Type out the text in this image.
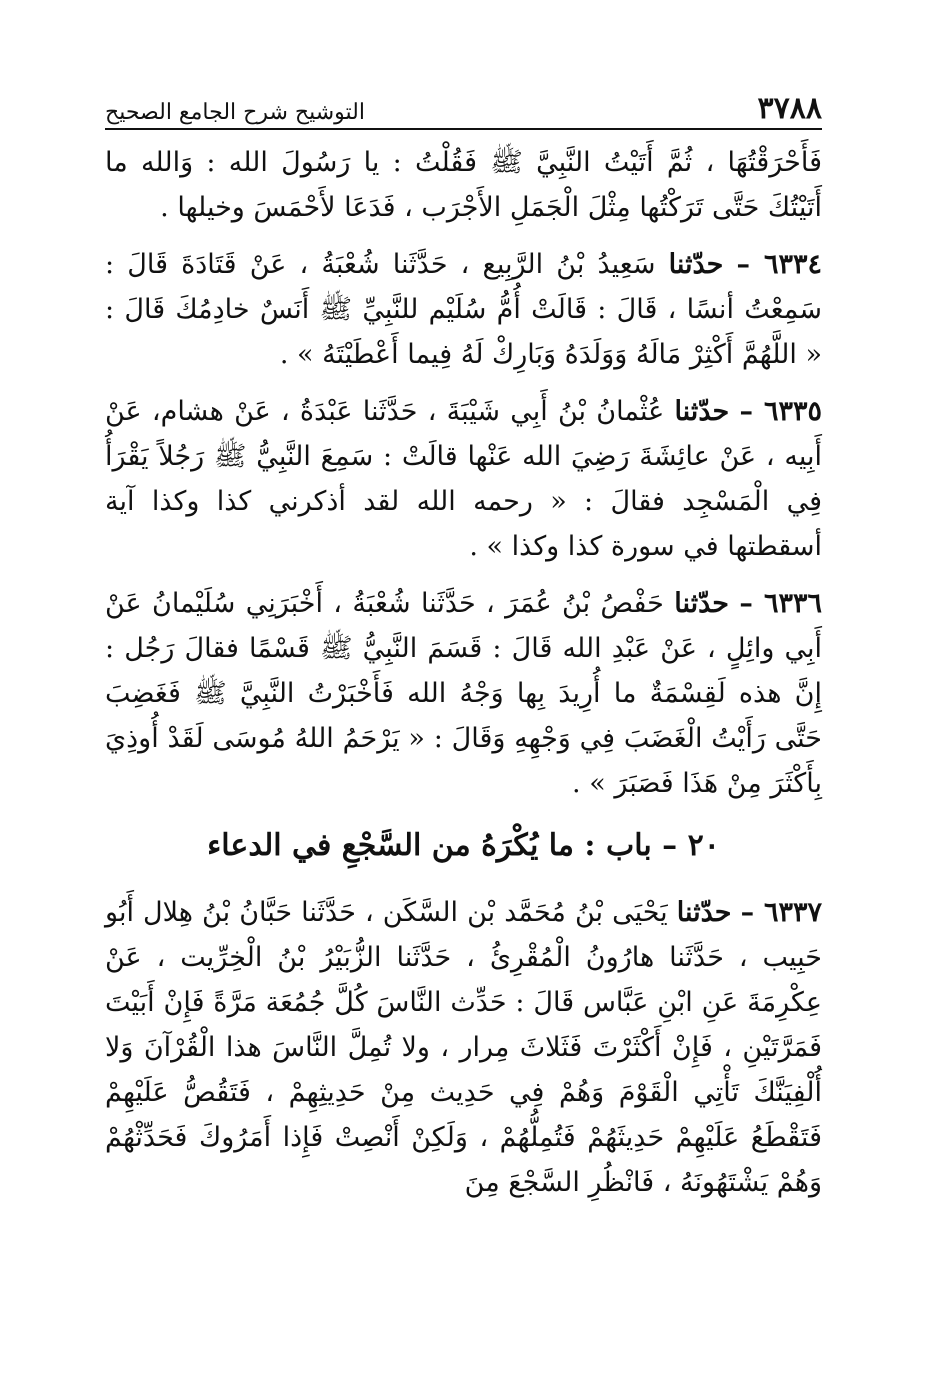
٣٧٨٨
التوشيح شرح الجامع الصحيح

فَأَحْرَقْتُهَا ، ثُمَّ أَتَيْتُ النَّبِيَّ ﷺ فَقُلْتُ : يا رَسُولَ الله : وَالله ما أَتَيْتُكَ حَتَّى تَرَكْتُها مِثْلَ الْجَمَلِ الأَجْرَب ، فَدَعَا لأَحْمَسَ وخيلها .

٦٣٣٤ – حدّثنا سَعِيدُ بْنُ الرَّبِيع ، حَدَّثَنا شُعْبَةُ ، عَنْ قَتَادَةَ قَالَ : سَمِعْتُ أنسًا ، قَالَ : قَالَتْ أُمُّ سُلَيْم للنَّبِيِّ ﷺ أَنَسٌ خادِمُكَ قَالَ : « اللَّهُمَّ أَكْثِرْ مَالَهُ وَوَلَدَهُ وَبَارِكْ لَهُ فِيما أَعْطَيْتَهُ » .

٦٣٣٥ – حدّثنا عُثْمانُ بْنُ أَبِي شَيْبَةَ ، حَدَّثَنا عَبْدَةُ ، عَنْ هشام، عَنْ أَبِيه ، عَنْ عائِشَةَ رَضِيَ الله عَنْها قالَتْ : سَمِعَ النَّبِيُّ ﷺ رَجُلاً يَقْرَأُ فِي الْمَسْجِد فقالَ : « رحمه الله لقد أذكرني كذا وكذا آية أسقطتها في سورة كذا وكذا » .

٦٣٣٦ – حدّثنا حَفْصُ بْنُ عُمَرَ ، حَدَّثَنا شُعْبَةُ ، أَخْبَرَنِي سُلَيْمانُ عَنْ أَبِي وائِلٍ ، عَنْ عَبْدِ الله قَالَ : قَسَمَ النَّبِيُّ ﷺ قَسْمًا فقالَ رَجُل : إِنَّ هذه لَقِسْمَةٌ ما أُرِيدَ بِها وَجْهُ الله فَأَخْبَرْتُ النَّبِيَّ ﷺ فَغَضِبَ حَتَّى رَأَيْتُ الْغَضَبَ فِي وَجْهِهِ وَقَالَ : « يَرْحَمُ اللهُ مُوسَى لَقَدْ أُوذِيَ بِأَكْثَرَ مِنْ هَذَا فَصَبَرَ » .

٢٠ – باب : ما يُكْرَهُ من السَّجْعِ في الدعاء

٦٣٣٧ – حدّثنا يَحْيَى بْنُ مُحَمَّد بْن السَّكَن ، حَدَّثَنا حَبَّانُ بْنُ هِلال أَبُو حَبِيب ، حَدَّثَنا هارُونُ الْمُقْرِئُ ، حَدَّثَنا الزُّبَيْرُ بْنُ الْخِرِّيت ، عَنْ عِكْرِمَةَ عَنِ ابْنِ عَبَّاس قَالَ : حَدِّث النَّاسَ كُلَّ جُمُعَة مَرَّةً فَإِنْ أَبَيْتَ فَمَرَّتَيْنِ ، فَإِنْ أَكْثَرْتَ فَثَلاثَ مِرار ، ولا تُمِلَّ النَّاسَ هذا الْقُرْآنَ وَلا أُلْفِيَنَّكَ تَأْتِي الْقَوْمَ وَهُمْ فِي حَدِيث مِنْ حَدِيثِهِمْ ، فَتَقُصُّ عَلَيْهِمْ فَتَقْطَعُ عَلَيْهِمْ حَدِيثَهُمْ فَتُمِلُّهُمْ ، وَلَكِنْ أَنْصِتْ فَإِذا أَمَرُوكَ فَحَدِّثْهُمْ وَهُمْ يَشْتَهُونَهُ ، فَانْظُرِ السَّجْعَ مِنَ
